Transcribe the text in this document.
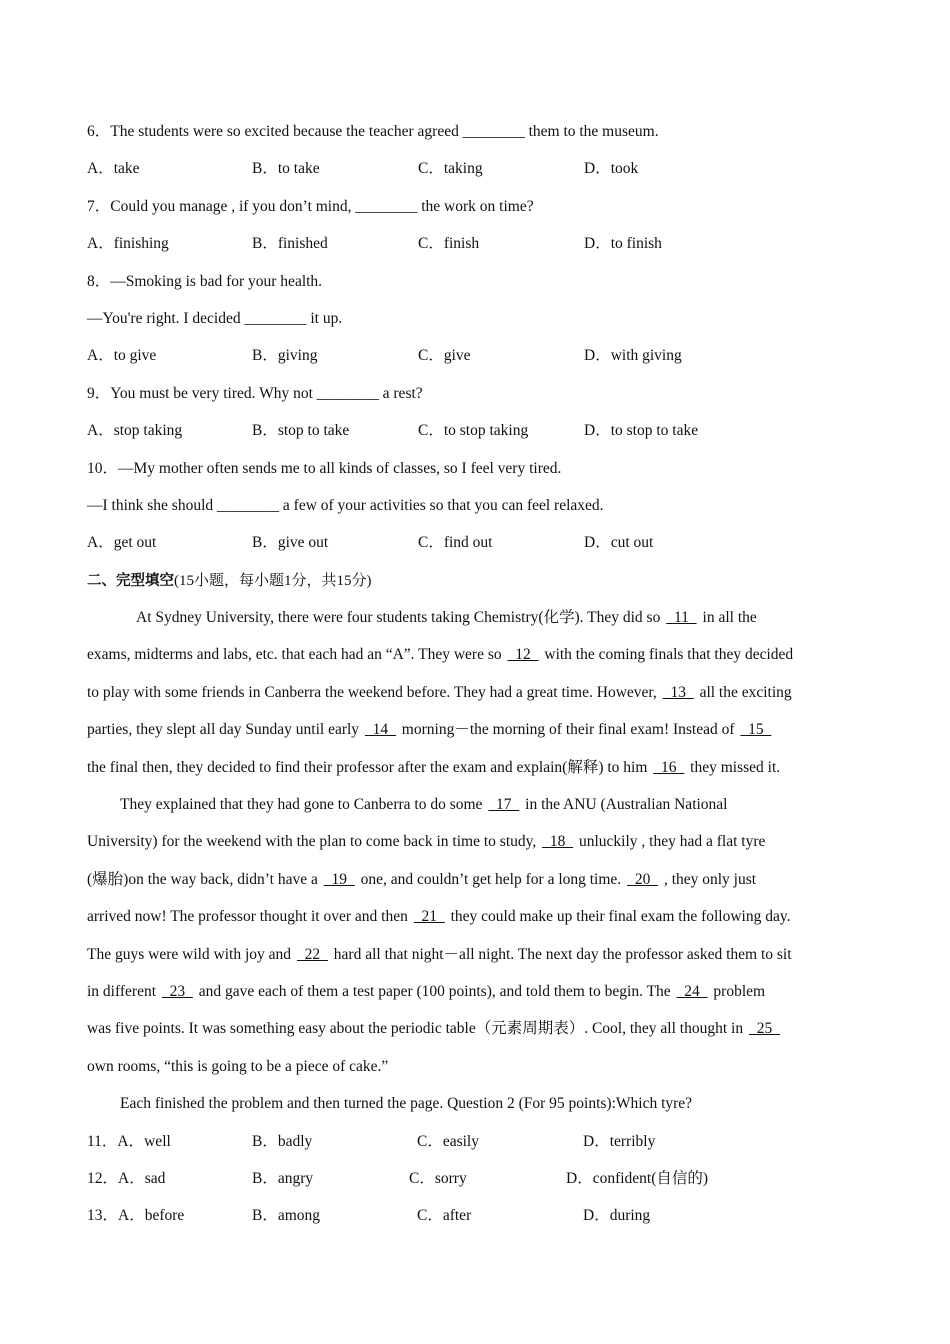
6．The students were so excited because the teacher agreed ________ them to the museum.
A．take	B．to take	C．taking	D．took
7．Could you manage , if you don’t mind, ________ the work on time?
A．finishing	B．finished	C．finish	D．to finish
8．—Smoking is bad for your health.
—You're right. I decided ________ it up.
A．to give	B．giving	C．give	D．with giving
9．You must be very tired. Why not ________ a rest?
A．stop taking	B．stop to take	C．to stop taking	D．to stop to take
10．—My mother often sends me to all kinds of classes, so I feel very tired.
—I think she should ________ a few of your activities so that you can feel relaxed.
A．get out	B．give out	C．find out	D．cut out
二、完型填空(15小题，每小题1分，共15分)
At Sydney University, there were four students taking Chemistry(化学). They did so   11   in all the
exams, midterms and labs, etc. that each had an “A”. They were so   12   with the coming finals that they decided
to play with some friends in Canberra the weekend before. They had a great time. However,   13   all the exciting
parties, they slept all day Sunday until early   14   morning－the morning of their final exam! Instead of   15
the final then, they decided to find their professor after the exam and explain(解释) to him   16   they missed it.
They explained that they had gone to Canberra to do some   17   in the ANU (Australian National
University) for the weekend with the plan to come back in time to study,   18   unluckily , they had a flat tyre
(爆胎)on the way back, didn’t have a   19   one, and couldn’t get help for a long time.   20   , they only just
arrived now! The professor thought it over and then   21   they could make up their final exam the following day.
The guys were wild with joy and   22   hard all that night－all night. The next day the professor asked them to sit
in different   23   and gave each of them a test paper (100 points), and told them to begin. The   24   problem
was five points. It was something easy about the periodic table（元素周期表）. Cool, they all thought in   25
own rooms, “this is going to be a piece of cake.”
Each finished the problem and then turned the page. Question 2 (For 95 points):Which tyre?
11．A．well	B．badly	C．easily	D．terribly
12．A．sad	B．angry	C．sorry	D．confident(自信的)
13．A．before	B．among	C．after	D．during
